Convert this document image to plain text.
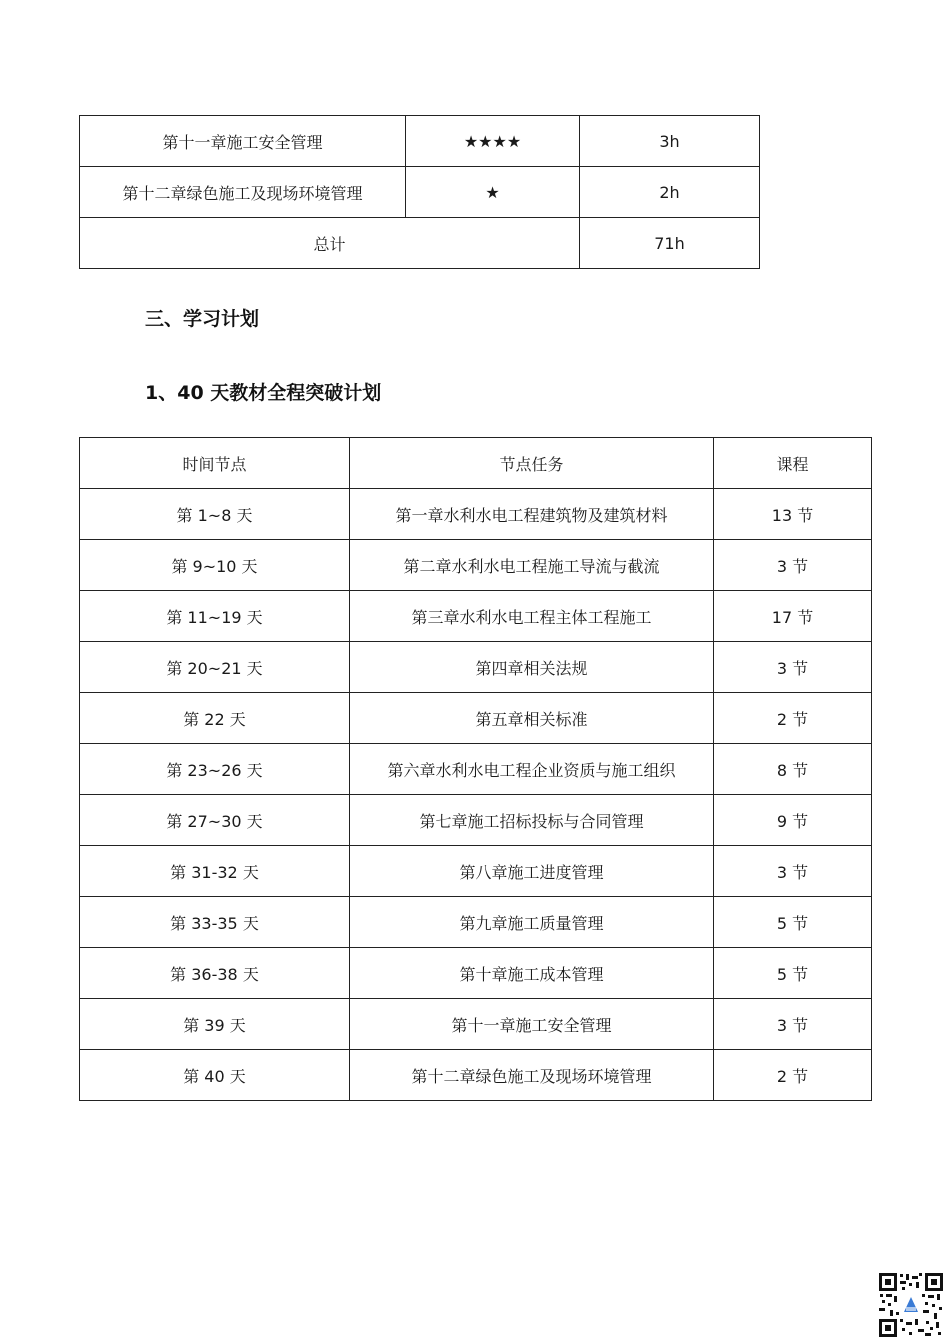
第十一章施工安全管理	★★★★	3h
第十二章绿色施工及现场环境管理	★	2h
总计		71h
三、学习计划
1、40 天教材全程突破计划
时间节点	节点任务	课程
第 1~8 天	第一章水利水电工程建筑物及建筑材料	13 节
第 9~10 天	第二章水利水电工程施工导流与截流	3 节
第 11~19 天	第三章水利水电工程主体工程施工	17 节
第 20~21 天	第四章相关法规	3 节
第 22 天	第五章相关标准	2 节
第 23~26 天	第六章水利水电工程企业资质与施工组织	8 节
第 27~30 天	第七章施工招标投标与合同管理	9 节
第 31-32 天	第八章施工进度管理	3 节
第 33-35 天	第九章施工质量管理	5 节
第 36-38 天	第十章施工成本管理	5 节
第 39 天	第十一章施工安全管理	3 节
第 40 天	第十二章绿色施工及现场环境管理	2 节
